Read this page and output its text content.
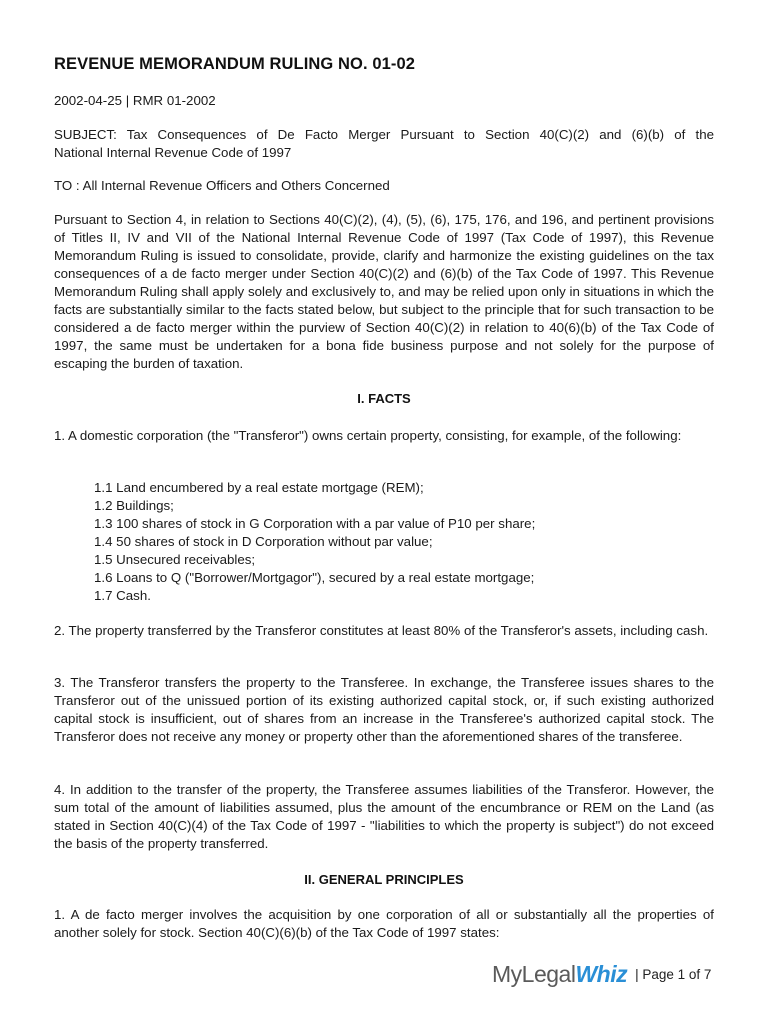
REVENUE MEMORANDUM RULING NO. 01-02
2002-04-25 | RMR 01-2002
SUBJECT: Tax Consequences of De Facto Merger Pursuant to Section 40(C)(2) and (6)(b) of the
National Internal Revenue Code of 1997
TO : All Internal Revenue Officers and Others Concerned
Pursuant to Section 4, in relation to Sections 40(C)(2), (4), (5), (6), 175, 176, and 196, and pertinent provisions of Titles II, IV and VII of the National Internal Revenue Code of 1997 (Tax Code of 1997), this Revenue Memorandum Ruling is issued to consolidate, provide, clarify and harmonize the existing guidelines on the tax consequences of a de facto merger under Section 40(C)(2) and (6)(b) of the Tax Code of 1997. This Revenue Memorandum Ruling shall apply solely and exclusively to, and may be relied upon only in situations in which the facts are substantially similar to the facts stated below, but subject to the principle that for such transaction to be considered a de facto merger within the purview of Section 40(C)(2) in relation to 40(6)(b) of the Tax Code of 1997, the same must be undertaken for a bona fide business purpose and not solely for the purpose of escaping the burden of taxation.
I. FACTS
1. A domestic corporation (the "Transferor") owns certain property, consisting, for example, of the following:
1.1 Land encumbered by a real estate mortgage (REM);
1.2 Buildings;
1.3 100 shares of stock in G Corporation with a par value of P10 per share;
1.4 50 shares of stock in D Corporation without par value;
1.5 Unsecured receivables;
1.6 Loans to Q ("Borrower/Mortgagor"), secured by a real estate mortgage;
1.7 Cash.
2. The property transferred by the Transferor constitutes at least 80% of the Transferor's assets, including cash.
3. The Transferor transfers the property to the Transferee. In exchange, the Transferee issues shares to the Transferor out of the unissued portion of its existing authorized capital stock, or, if such existing authorized capital stock is insufficient, out of shares from an increase in the Transferee's authorized capital stock. The Transferor does not receive any money or property other than the aforementioned shares of the transferee.
4. In addition to the transfer of the property, the Transferee assumes liabilities of the Transferor. However, the sum total of the amount of liabilities assumed, plus the amount of the encumbrance or REM on the Land (as stated in Section 40(C)(4) of the Tax Code of 1997 - "liabilities to which the property is subject") do not exceed the basis of the property transferred.
II. GENERAL PRINCIPLES
1. A de facto merger involves the acquisition by one corporation of all or substantially all the properties of another solely for stock. Section 40(C)(6)(b) of the Tax Code of 1997 states:
My Legal Whiz | Page 1 of 7
